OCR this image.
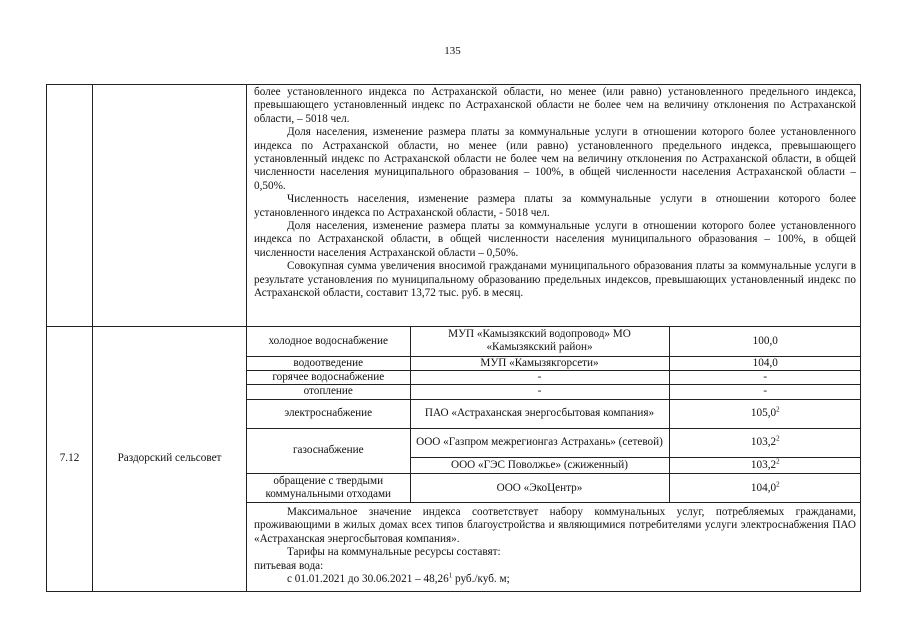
135

более установленного индекса по Астраханской области, но менее (или равно) установленного предельного индекса, превышающего установленный индекс по Астраханской области не более чем на величину отклонения по Астраханской области, – 5018 чел.

Доля населения, изменение размера платы за коммунальные услуги в отношении которого более установленного индекса по Астраханской области, но менее (или равно) установленного предельного индекса, превышающего установленный индекс по Астраханской области не более чем на величину отклонения по Астраханской области, в общей численности населения муниципального образования – 100%, в общей численности населения Астраханской области – 0,50%.

Численность населения, изменение размера платы за коммунальные услуги в отношении которого более установленного индекса по Астраханской области, - 5018 чел.

Доля населения, изменение размера платы за коммунальные услуги в отношении которого более установленного индекса по Астраханской области, в общей численности населения муниципального образования – 100%, в общей численности населения Астраханской области – 0,50%.

Совокупная сумма увеличения вносимой гражданами муниципального образования платы за коммунальные услуги в результате установления по муниципальному образованию предельных индексов, превышающих установленный индекс по Астраханской области, составит 13,72 тыс. руб. в месяц.

7.12	Раздорский сельсовет	
холодное водоснабжение	МУП «Камызякский водопровод» МО «Камызякский район»	100,0
водоотведение	МУП «Камызякгорсети»	104,0
горячее водоснабжение	-	-
отопление	-	-
электроснабжение	ПАО «Астраханская энергосбытовая компания»	105,0$^2$
газоснабжение	ООО «Газпром межрегионгаз Астрахань» (сетевой)	103,2$^2$
ООО «ГЭС Поволжье» (сжиженный)	103,2$^2$
обращение с твердыми коммунальными отходами	ООО «ЭкоЦентр»	104,0$^2$

Максимальное значение индекса соответствует набору коммунальных услуг, потребляемых гражданами, проживающими в жилых домах всех типов благоустройства и являющимися потребителями услуги электроснабжения ПАО «Астраханская энергосбытовая компания».

Тарифы на коммунальные ресурсы составят:

питьевая вода:

с 01.01.2021 до 30.06.2021 – 48,26$^1$ руб./куб. м;
